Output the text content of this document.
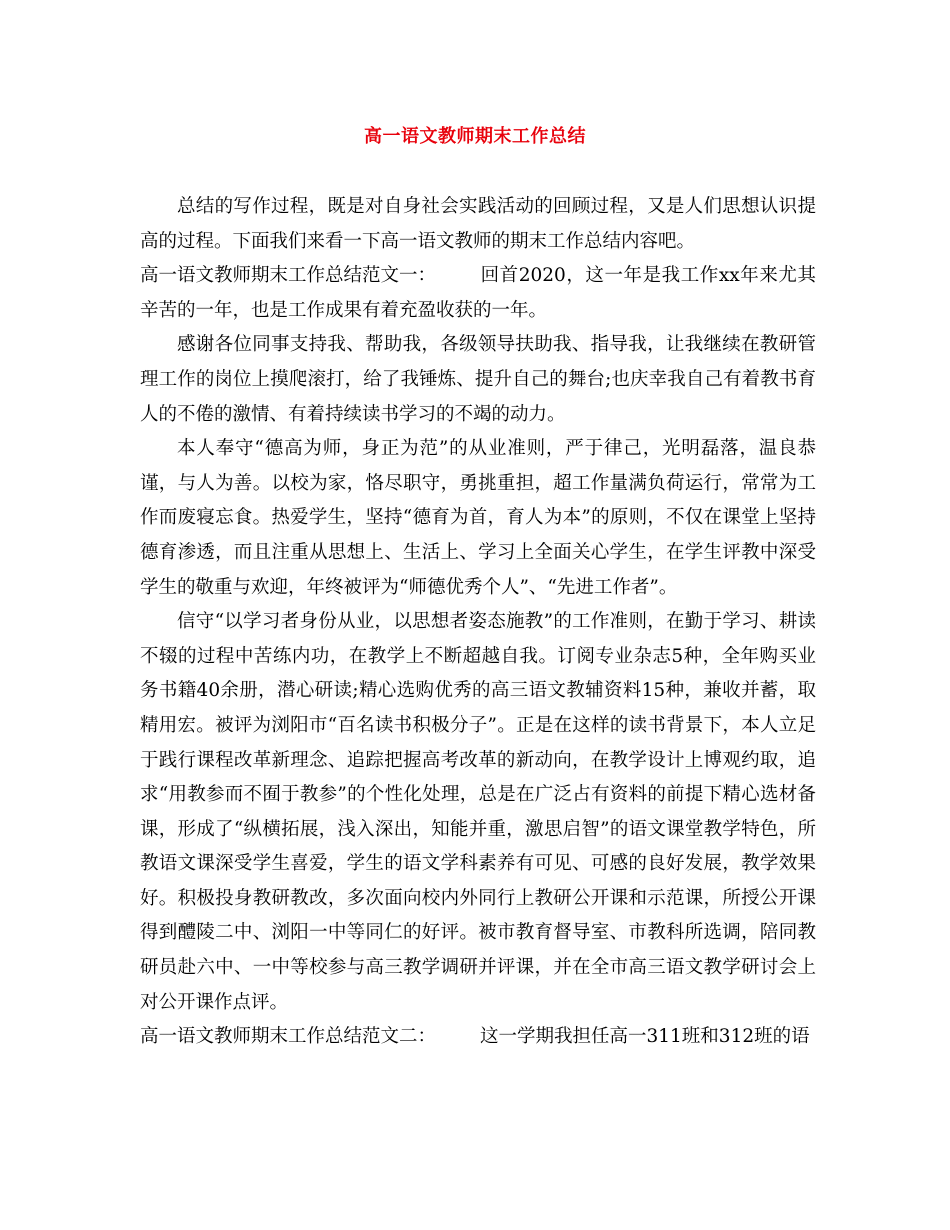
高一语文教师期末工作总结

总结的写作过程，既是对自身社会实践活动的回顾过程，又是人们思想认识提高的过程。下面我们来看一下高一语文教师的期末工作总结内容吧。

高一语文教师期末工作总结范文一： 回首2020，这一年是我工作xx年来尤其辛苦的一年，也是工作成果有着充盈收获的一年。

感谢各位同事支持我、帮助我，各级领导扶助我、指导我，让我继续在教研管理工作的岗位上摸爬滚打，给了我锤炼、提升自己的舞台;也庆幸我自己有着教书育人的不倦的激情、有着持续读书学习的不竭的动力。

本人奉守“德高为师，身正为范”的从业准则，严于律己，光明磊落，温良恭谨，与人为善。以校为家，恪尽职守，勇挑重担，超工作量满负荷运行，常常为工作而废寝忘食。热爱学生，坚持“德育为首，育人为本”的原则，不仅在课堂上坚持德育渗透，而且注重从思想上、生活上、学习上全面关心学生，在学生评教中深受学生的敬重与欢迎，年终被评为“师德优秀个人”、“先进工作者”。

信守“以学习者身份从业，以思想者姿态施教”的工作准则，在勤于学习、耕读不辍的过程中苦练内功，在教学上不断超越自我。订阅专业杂志5种，全年购买业务书籍40余册，潜心研读;精心选购优秀的高三语文教辅资料15种，兼收并蓄，取精用宏。被评为浏阳市“百名读书积极分子”。正是在这样的读书背景下，本人立足于践行课程改革新理念、追踪把握高考改革的新动向，在教学设计上博观约取，追求“用教参而不囿于教参”的个性化处理，总是在广泛占有资料的前提下精心选材备课，形成了“纵横拓展，浅入深出，知能并重，激思启智”的语文课堂教学特色，所教语文课深受学生喜爱，学生的语文学科素养有可见、可感的良好发展，教学效果好。积极投身教研教改，多次面向校内外同行上教研公开课和示范课，所授公开课得到醴陵二中、浏阳一中等同仁的好评。被市教育督导室、市教科所选调，陪同教研员赴六中、一中等校参与高三教学调研并评课，并在全市高三语文教学研讨会上对公开课作点评。

高一语文教师期末工作总结范文二： 这一学期我担任高一311班和312班的语
